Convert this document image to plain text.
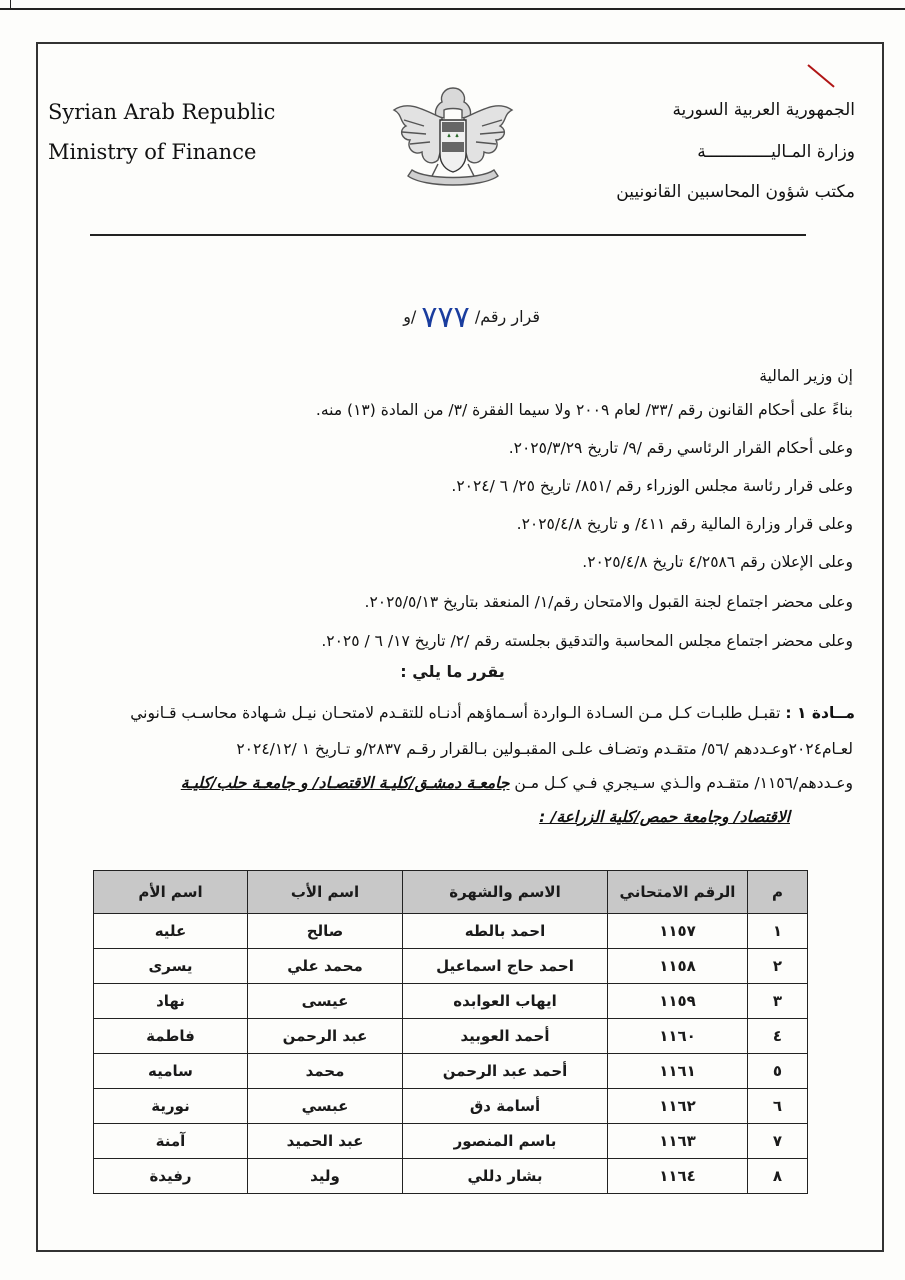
Syrian Arab Republic
Ministry of Finance
الجمهورية العربية السورية
وزارة المـاليـــــــــــــة
مكتب شؤون المحاسبين القانونيين
قرار رقم/ ٧٧٧ /و
إن وزير المالية
بناءً على أحكام القانون رقم /٣٣/ لعام ٢٠٠٩ ولا سيما الفقرة /٣/ من المادة (١٣) منه.
وعلى أحكام القرار الرئاسي رقم /٩/ تاريخ ٢٠٢٥/٣/٢٩.
وعلى قرار رئاسة مجلس الوزراء رقم /٨٥١/ تاريخ ٢٥/ ٦ /٢٠٢٤.
وعلى قرار وزارة المالية رقم ٤١١/ و تاريخ ٢٠٢٥/٤/٨.
وعلى الإعلان رقم ٤/٢٥٨٦ تاريخ ٢٠٢٥/٤/٨.
وعلى محضر اجتماع لجنة القبول والامتحان رقم/١/ المنعقد بتاريخ ٢٠٢٥/٥/١٣.
وعلى محضر اجتماع مجلس المحاسبة والتدقيق بجلسته رقم /٢/ تاريخ ١٧/ ٦ / ٢٠٢٥.
يقرر ما يلي :
مــادة ١ : تقبـل طلبـات كـل مـن السـادة الـواردة أسـماؤهم أدنـاه للتقـدم لامتحـان نيـل شـهادة محاسـب قـانوني
لعـام٢٠٢٤وعـددهم /٥٦/ متقـدم وتضـاف علـى المقبـولين بـالقرار رقـم ٢٨٣٧/و تـاريخ ١ /٢٠٢٤/١٢
وعـددهم/١١٥٦/ متقـدم والـذي سـيجري فـي كـل مـن جامعـة دمشـق/كليـة الاقتصـاد/ و جامعـة حلب/كليـة
الاقتصاد/ وجامعة حمص/كلية الزراعة/ :
م	الرقم الامتحاني	الاسم والشهرة	اسم الأب	اسم الأم
١	١١٥٧	احمد بالطه	صالح	عليه
٢	١١٥٨	احمد حاج اسماعيل	محمد علي	يسرى
٣	١١٥٩	ايهاب العوابده	عيسى	نهاد
٤	١١٦٠	أحمد العوبيد	عبد الرحمن	فاطمة
٥	١١٦١	أحمد عبد الرحمن	محمد	ساميه
٦	١١٦٢	أسامة دق	عبسي	نورية
٧	١١٦٣	باسم المنصور	عبد الحميد	آمنة
٨	١١٦٤	بشار دللي	وليد	رفيدة
